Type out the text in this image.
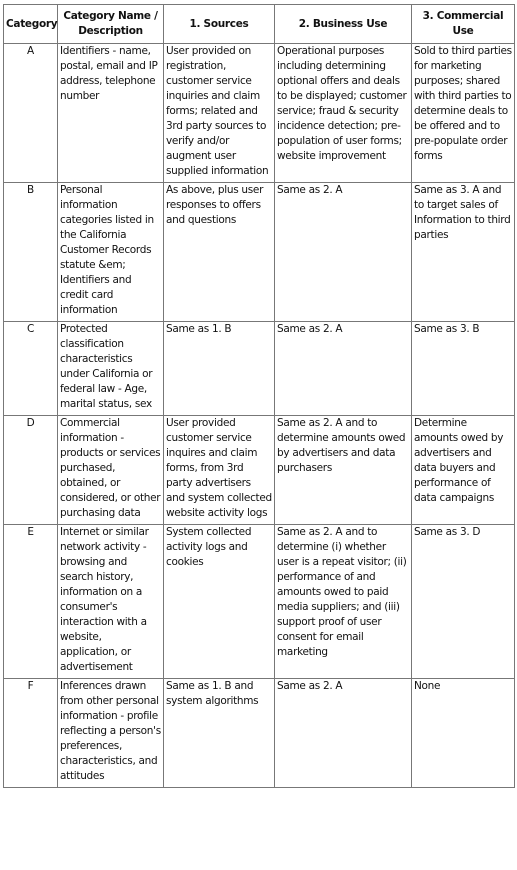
Category	Category Name / Description	1. Sources	2. Business Use	3. Commercial Use
A	Identifiers - name, postal, email and IP address, telephone number	User provided on registration, customer service inquiries and claim forms; related and 3rd party sources to verify and/or augment user supplied information	Operational purposes including determining optional offers and deals to be displayed; customer service; fraud & security incidence detection; pre-population of user forms; website improvement	Sold to third parties for marketing purposes; shared with third parties to determine deals to be offered and to pre-populate order forms
B	Personal information categories listed in the California Customer Records statute &em; Identifiers and credit card information	As above, plus user responses to offers and questions	Same as 2. A	Same as 3. A and to target sales of Information to third parties
C	Protected classification characteristics under California or federal law - Age, marital status, sex	Same as 1. B	Same as 2. A	Same as 3. B
D	Commercial information - products or services purchased, obtained, or considered, or other purchasing data	User provided customer service inquires and claim forms, from 3rd party advertisers and system collected website activity logs	Same as 2. A and to determine amounts owed by advertisers and data purchasers	Determine amounts owed by advertisers and data buyers and performance of data campaigns
E	Internet or similar network activity - browsing and search history, information on a consumer's interaction with a website, application, or advertisement	System collected activity logs and cookies	Same as 2. A and to determine (i) whether user is a repeat visitor; (ii) performance of and amounts owed to paid media suppliers; and (iii) support proof of user consent for email marketing	Same as 3. D
F	Inferences drawn from other personal information - profile reflecting a person's preferences, characteristics, and attitudes	Same as 1. B and system algorithms	Same as 2. A	None
